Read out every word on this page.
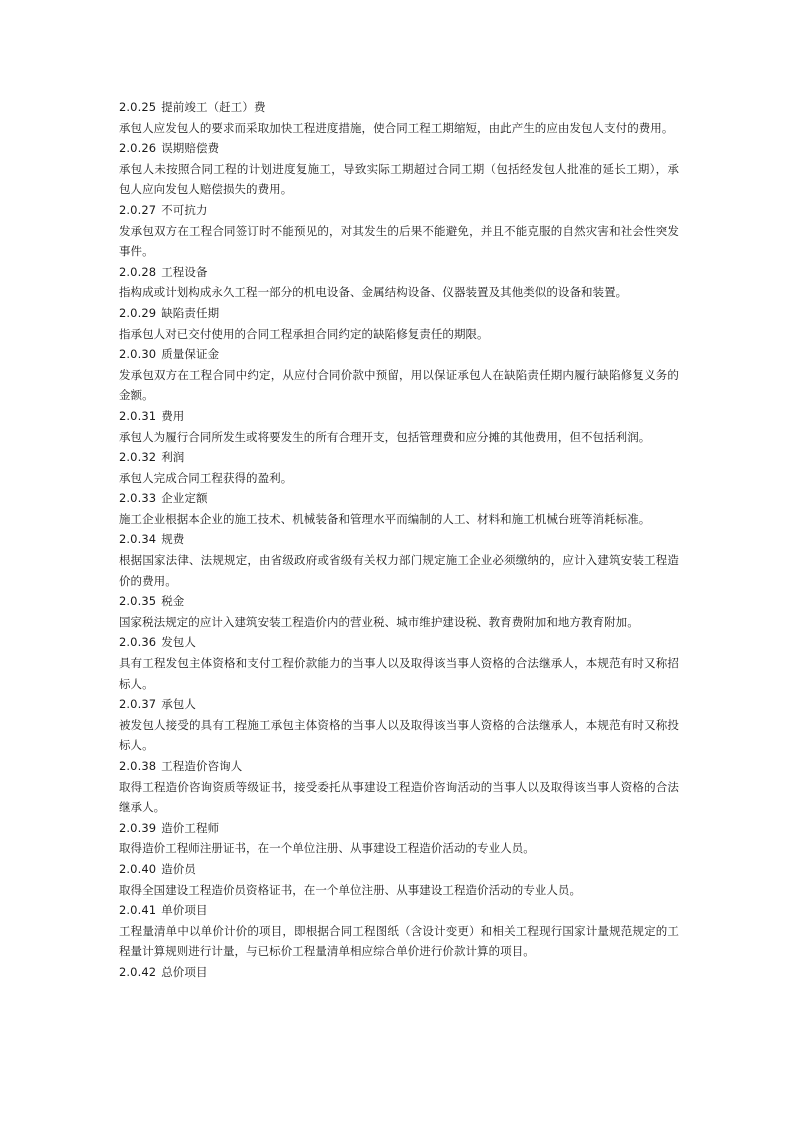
2.0.25 提前竣工（赶工）费

承包人应发包人的要求而采取加快工程进度措施，使合同工程工期缩短，由此产生的应由发包人支付的费用。

2.0.26 误期赔偿费

承包人未按照合同工程的计划进度复施工，导致实际工期超过合同工期（包括经发包人批准的延长工期），承包人应向发包人赔偿损失的费用。

2.0.27 不可抗力

发承包双方在工程合同签订时不能预见的，对其发生的后果不能避免，并且不能克服的自然灾害和社会性突发事件。

2.0.28 工程设备

指构成或计划构成永久工程一部分的机电设备、金属结构设备、仪器装置及其他类似的设备和装置。

2.0.29 缺陷责任期

指承包人对已交付使用的合同工程承担合同约定的缺陷修复责任的期限。

2.0.30 质量保证金

发承包双方在工程合同中约定，从应付合同价款中预留，用以保证承包人在缺陷责任期内履行缺陷修复义务的金额。

2.0.31 费用

承包人为履行合同所发生或将要发生的所有合理开支，包括管理费和应分摊的其他费用，但不包括利润。

2.0.32 利润

承包人完成合同工程获得的盈利。

2.0.33 企业定额

施工企业根据本企业的施工技术、机械装备和管理水平而编制的人工、材料和施工机械台班等消耗标准。

2.0.34 规费

根据国家法律、法规规定，由省级政府或省级有关权力部门规定施工企业必须缴纳的，应计入建筑安装工程造价的费用。

2.0.35 税金

国家税法规定的应计入建筑安装工程造价内的营业税、城市维护建设税、教育费附加和地方教育附加。

2.0.36 发包人

具有工程发包主体资格和支付工程价款能力的当事人以及取得该当事人资格的合法继承人，本规范有时又称招标人。

2.0.37 承包人

被发包人接受的具有工程施工承包主体资格的当事人以及取得该当事人资格的合法继承人，本规范有时又称投标人。

2.0.38 工程造价咨询人

取得工程造价咨询资质等级证书，接受委托从事建设工程造价咨询活动的当事人以及取得该当事人资格的合法继承人。

2.0.39 造价工程师

取得造价工程师注册证书，在一个单位注册、从事建设工程造价活动的专业人员。

2.0.40 造价员

取得全国建设工程造价员资格证书，在一个单位注册、从事建设工程造价活动的专业人员。

2.0.41 单价项目

工程量清单中以单价计价的项目，即根据合同工程图纸（含设计变更）和相关工程现行国家计量规范规定的工程量计算规则进行计量，与已标价工程量清单相应综合单价进行价款计算的项目。

2.0.42 总价项目
